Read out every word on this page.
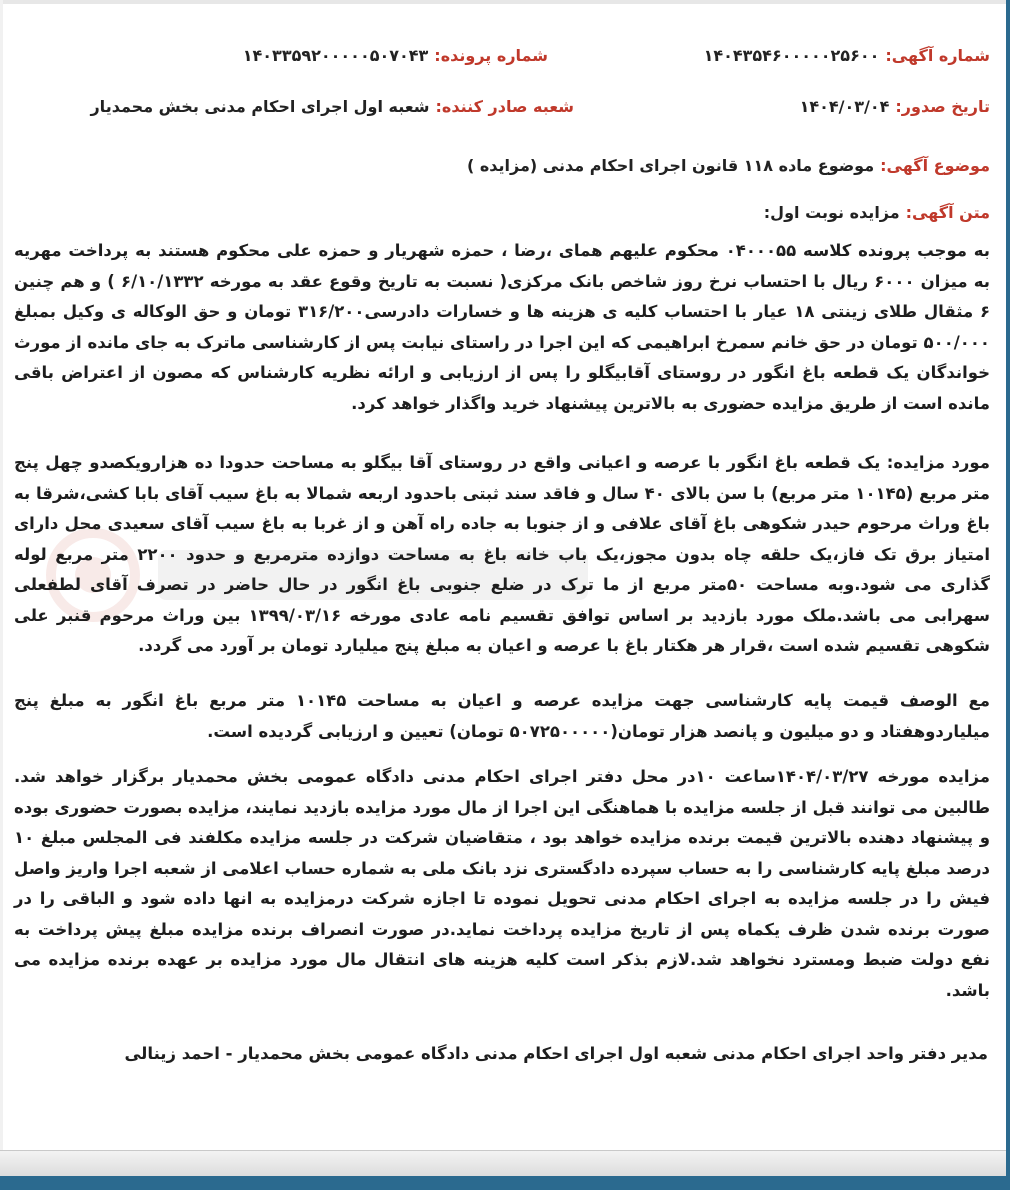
شماره آگهی:۱۴۰۴۳۵۴۶۰۰۰۰۰۲۵۶۰۰
شماره پرونده:۱۴۰۳۳۵۹۲۰۰۰۰۰۵۰۷۰۴۳
تاریخ صدور:۱۴۰۴/۰۳/۰۴
شعبه صادر کننده:شعبه اول اجرای احکام مدنی بخش محمدیار
موضوع آگهی:موضوع ماده ۱۱۸ قانون اجرای احکام مدنی (مزایده )
متن آگهی:مزایده نوبت اول:

به موجب پرونده کلاسه ۰۴۰۰۰۵۵ محکوم علیهم همای ،رضا ، حمزه شهریار و حمزه علی محکوم هستند به پرداخت مهریه به میزان ۶۰۰۰ ریال با احتساب نرخ روز شاخص بانک مرکزی( نسبت به تاریخ وقوع عقد به مورخه ۶/۱۰/۱۳۳۲ ) و هم چنین ۶ مثقال طلای زینتی ۱۸ عیار با احتساب کلیه ی هزینه ها و خسارات دادرسی۳۱۶/۲۰۰ تومان و حق الوکاله ی وکیل بمبلغ ۵۰۰/۰۰۰ تومان در حق خانم سمرخ ابراهیمی که این اجرا در راستای نیابت پس از کارشناسی ماترک به جای مانده از مورث خواندگان یک قطعه باغ انگور در روستای آقابیگلو را پس از ارزیابی و ارائه نظریه کارشناس که مصون از اعتراض باقی مانده است از طریق مزایده حضوری به بالاترین پیشنهاد خرید واگذار خواهد کرد.

مورد مزایده: یک قطعه باغ انگور با عرصه و اعیانی واقع در روستای آقا بیگلو به مساحت حدودا ده هزارویکصدو چهل پنج متر مربع (۱۰۱۴۵ متر مربع) با سن بالای ۴۰ سال و فاقد سند ثبتی باحدود اربعه شمالا به باغ سیب آقای بابا کشی،شرقا به باغ وراث مرحوم حیدر شکوهی باغ آقای علافی و از جنوبا به جاده راه آهن و از غربا به باغ سیب آقای سعیدی محل دارای امتیاز برق تک فاز،یک حلقه چاه بدون مجوز،یک باب خانه باغ به مساحت دوازده مترمربع و حدود ۲۲۰۰ متر مربع لوله گذاری می شود.وبه مساحت ۵۰متر مربع از ما ترک در ضلع جنوبی باغ انگور در حال حاضر در تصرف آقای لطفعلی سهرابی می باشد.ملک مورد بازدید بر اساس توافق تقسیم نامه عادی مورخه ۱۳۹۹/۰۳/۱۶ بین وراث مرحوم قنبر علی شکوهی تقسیم شده است ،قرار هر هکتار باغ با عرصه و اعیان به مبلغ پنج میلیارد تومان بر آورد می گردد.

مع الوصف قیمت پایه کارشناسی جهت مزایده عرصه و اعیان به مساحت ۱۰۱۴۵ متر مربع باغ انگور به مبلغ پنج میلیاردوهفتاد و دو میلیون و پانصد هزار تومان(۵۰۷۲۵۰۰۰۰۰ تومان) تعیین و ارزیابی گردیده است.

مزایده مورخه ۱۴۰۴/۰۳/۲۷ساعت ۱۰در محل دفتر اجرای احکام مدنی دادگاه عمومی بخش محمدیار برگزار خواهد شد. طالبین می توانند قبل از جلسه مزایده با هماهنگی این اجرا از مال مورد مزایده بازدید نمایند، مزایده بصورت حضوری بوده و پیشنهاد دهنده بالاترین قیمت برنده مزایده خواهد بود ، متقاضیان شرکت در جلسه مزایده مکلفند فی المجلس مبلغ ۱۰ درصد مبلغ پایه کارشناسی را به حساب سپرده دادگستری نزد بانک ملی به شماره حساب اعلامی از شعبه اجرا واریز واصل فیش را در جلسه مزایده به اجرای احکام مدنی تحویل نموده تا اجازه شرکت درمزایده به انها داده شود و الباقی را در صورت برنده شدن ظرف یکماه پس از تاریخ مزایده پرداخت نماید.در صورت انصراف برنده مزایده مبلغ پیش پرداخت به نفع دولت ضبط ومسترد نخواهد شد.لازم بذکر است کلیه هزینه های انتقال مال مورد مزایده بر عهده برنده مزایده می باشد.

مدیر دفتر واحد اجرای احکام مدنی شعبه اول اجرای احکام مدنی دادگاه عمومی بخش محمدیار - احمد زینالی
